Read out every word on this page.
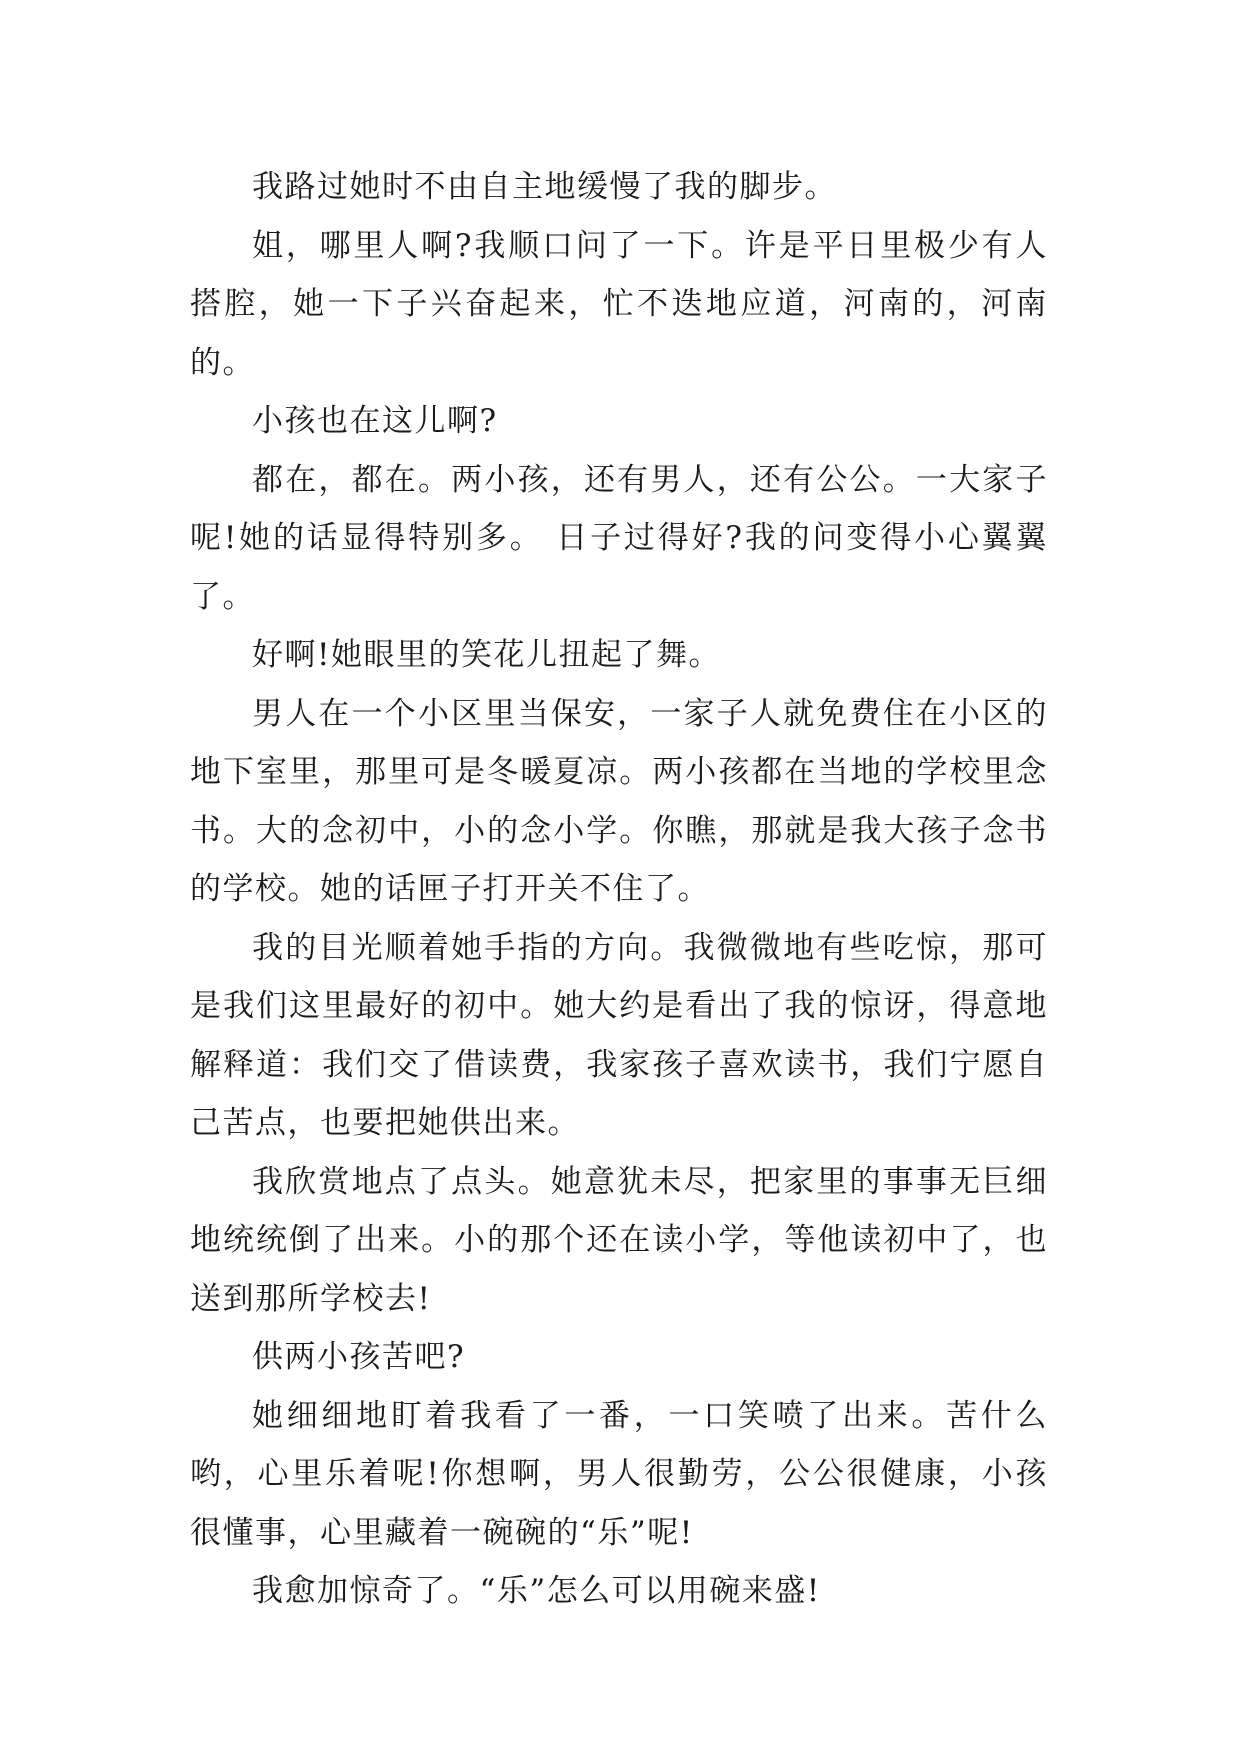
我路过她时不由自主地缓慢了我的脚步。

姐，哪里人啊?我顺口问了一下。许是平日里极少有人搭腔，她一下子兴奋起来，忙不迭地应道，河南的，河南的。

小孩也在这儿啊?

都在，都在。两小孩，还有男人，还有公公。一大家子呢!她的话显得特别多。 日子过得好?我的问变得小心翼翼了。

好啊!她眼里的笑花儿扭起了舞。

男人在一个小区里当保安，一家子人就免费住在小区的地下室里，那里可是冬暖夏凉。两小孩都在当地的学校里念书。大的念初中，小的念小学。你瞧，那就是我大孩子念书的学校。她的话匣子打开关不住了。

我的目光顺着她手指的方向。我微微地有些吃惊，那可是我们这里最好的初中。她大约是看出了我的惊讶，得意地解释道：我们交了借读费，我家孩子喜欢读书，我们宁愿自己苦点，也要把她供出来。

我欣赏地点了点头。她意犹未尽，把家里的事事无巨细地统统倒了出来。小的那个还在读小学，等他读初中了，也送到那所学校去!

供两小孩苦吧?

她细细地盯着我看了一番，一口笑喷了出来。苦什么哟，心里乐着呢!你想啊，男人很勤劳，公公很健康，小孩很懂事，心里藏着一碗碗的“乐”呢!

我愈加惊奇了。“乐”怎么可以用碗来盛!
